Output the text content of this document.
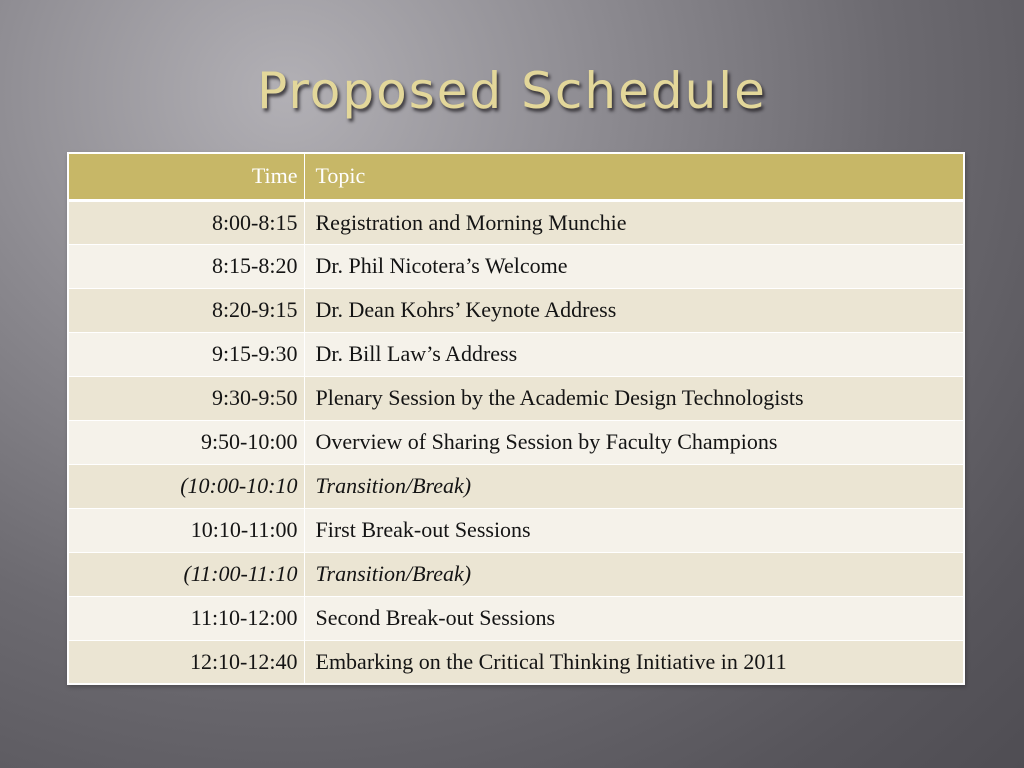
Proposed Schedule
Time	Topic
8:00-8:15	Registration and Morning Munchie
8:15-8:20	Dr. Phil Nicotera’s Welcome
8:20-9:15	Dr. Dean Kohrs’ Keynote Address
9:15-9:30	Dr. Bill Law’s Address
9:30-9:50	Plenary Session by the Academic Design Technologists
9:50-10:00	Overview of Sharing Session by Faculty Champions
(10:00-10:10	Transition/Break)
10:10-11:00	First Break-out Sessions
(11:00-11:10	Transition/Break)
11:10-12:00	Second Break-out Sessions
12:10-12:40	Embarking on the Critical Thinking Initiative in 2011
